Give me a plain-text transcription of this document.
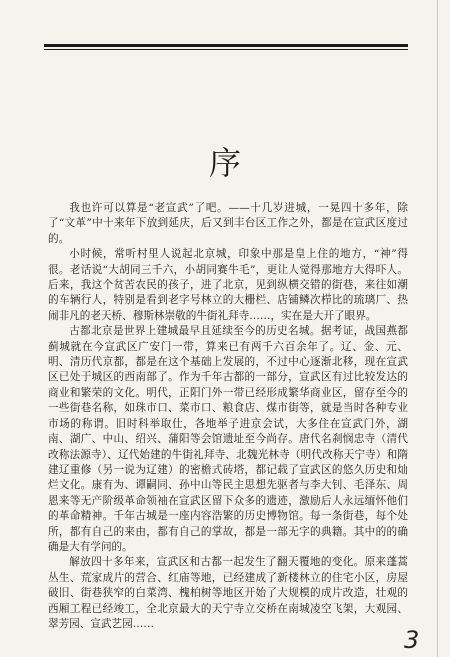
序

我也许可以算是“老宣武”了吧。——十几岁进城，一晃四十多年，除了“文革”中十来年下放到延庆，后又到丰台区工作之外，都是在宣武区度过的。

小时候，常听村里人说起北京城，印象中那是皇上住的地方，“神”得很。老话说“大胡同三千六，小胡同赛牛毛”，更让人觉得那地方大得吓人。后来，我这个贫苦农民的孩子，进了北京，见到纵横交错的街巷，来往如潮的车辆行人，特别是看到老字号林立的大栅栏、店铺鳞次栉比的琉璃厂、热闹非凡的老天桥、穆斯林崇敬的牛街礼拜寺……，实在是大开了眼界。

古都北京是世界上建城最早且延续至今的历史名城。据考证，战国燕都蓟城就在今宣武区广安门一带，算来已有两千六百余年了。辽、金、元、明、清历代京都，都是在这个基础上发展的，不过中心逐渐北移，现在宣武区已处于城区的西南部了。作为千年古都的一部分，宣武区有过比较发达的商业和繁荣的文化。明代，正阳门外一带已经形成繁华商业区，留存至今的一些街巷名称，如珠市口、菜市口、粮食店、煤市街等，就是当时各种专业市场的称谓。旧时科举取仕，各地举子进京会试，大多住在宣武门外，湖南、湖广、中山、绍兴、蒲阳等会馆遗址至今尚存。唐代名刹悯忠寺（清代改称法源寺）、辽代始建的牛街礼拜寺、北魏光林寺（明代改称天宁寺）和隋建辽重修（另一说为辽建）的密檐式砖塔，都记载了宣武区的悠久历史和灿烂文化。康有为、谭嗣同、孙中山等民主思想先驱者与李大钊、毛泽东、周恩来等无产阶级革命领袖在宣武区留下众多的遗迹，激励后人永远缅怀他们的革命精神。千年古城是一座内容浩繁的历史博物馆。每一条街巷，每个处所，都有自己的来由，都有自己的掌故，都是一部无字的典籍。其中的的确确是大有学问的。

解放四十多年来，宣武区和古都一起发生了翻天覆地的变化。原来蓬蒿丛生、荒家成片的营合、红庙等地，已经建成了新楼林立的住宅小区，房屋破旧、街巷狭窄的白菜湾、槐柏树等地区开始了大规模的成片改造，壮观的西厢工程已经竣工，全北京最大的天宁寺立交桥在南城凌空飞架，大观园、翠芳园、宣武艺园……

3
